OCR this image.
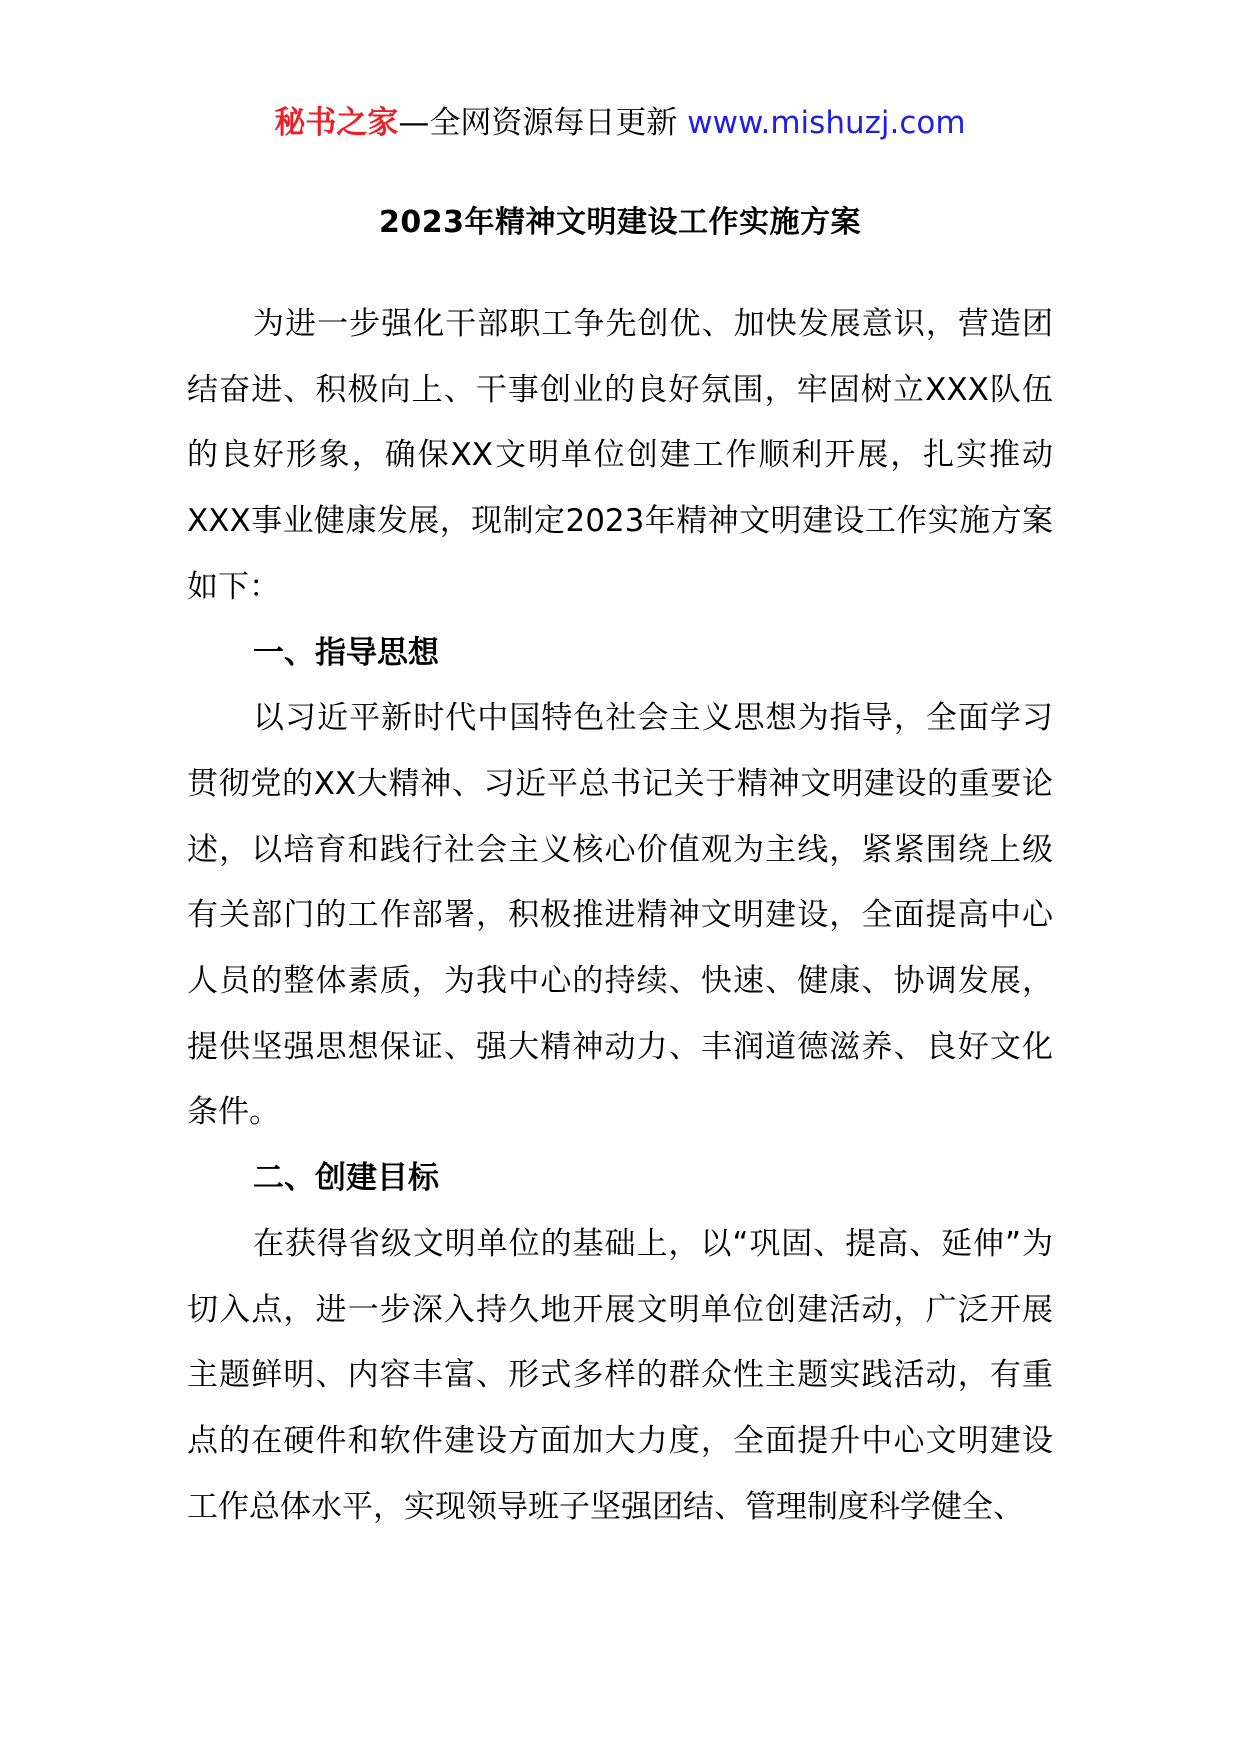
秘书之家—全网资源每日更新 www.mishuzj.com
2023年精神文明建设工作实施方案

为进一步强化干部职工争先创优、加快发展意识，营造团结奋进、积极向上、干事创业的良好氛围，牢固树立XXX队伍的良好形象，确保XX文明单位创建工作顺利开展，扎实推动XXX事业健康发展，现制定2023年精神文明建设工作实施方案如下：

一、指导思想

以习近平新时代中国特色社会主义思想为指导，全面学习贯彻党的XX大精神、习近平总书记关于精神文明建设的重要论述，以培育和践行社会主义核心价值观为主线，紧紧围绕上级有关部门的工作部署，积极推进精神文明建设，全面提高中心人员的整体素质，为我中心的持续、快速、健康、协调发展，提供坚强思想保证、强大精神动力、丰润道德滋养、良好文化条件。

二、创建目标

在获得省级文明单位的基础上，以“巩固、提高、延伸”为切入点，进一步深入持久地开展文明单位创建活动，广泛开展主题鲜明、内容丰富、形式多样的群众性主题实践活动，有重点的在硬件和软件建设方面加大力度，全面提升中心文明建设工作总体水平，实现领导班子坚强团结、管理制度科学健全、
